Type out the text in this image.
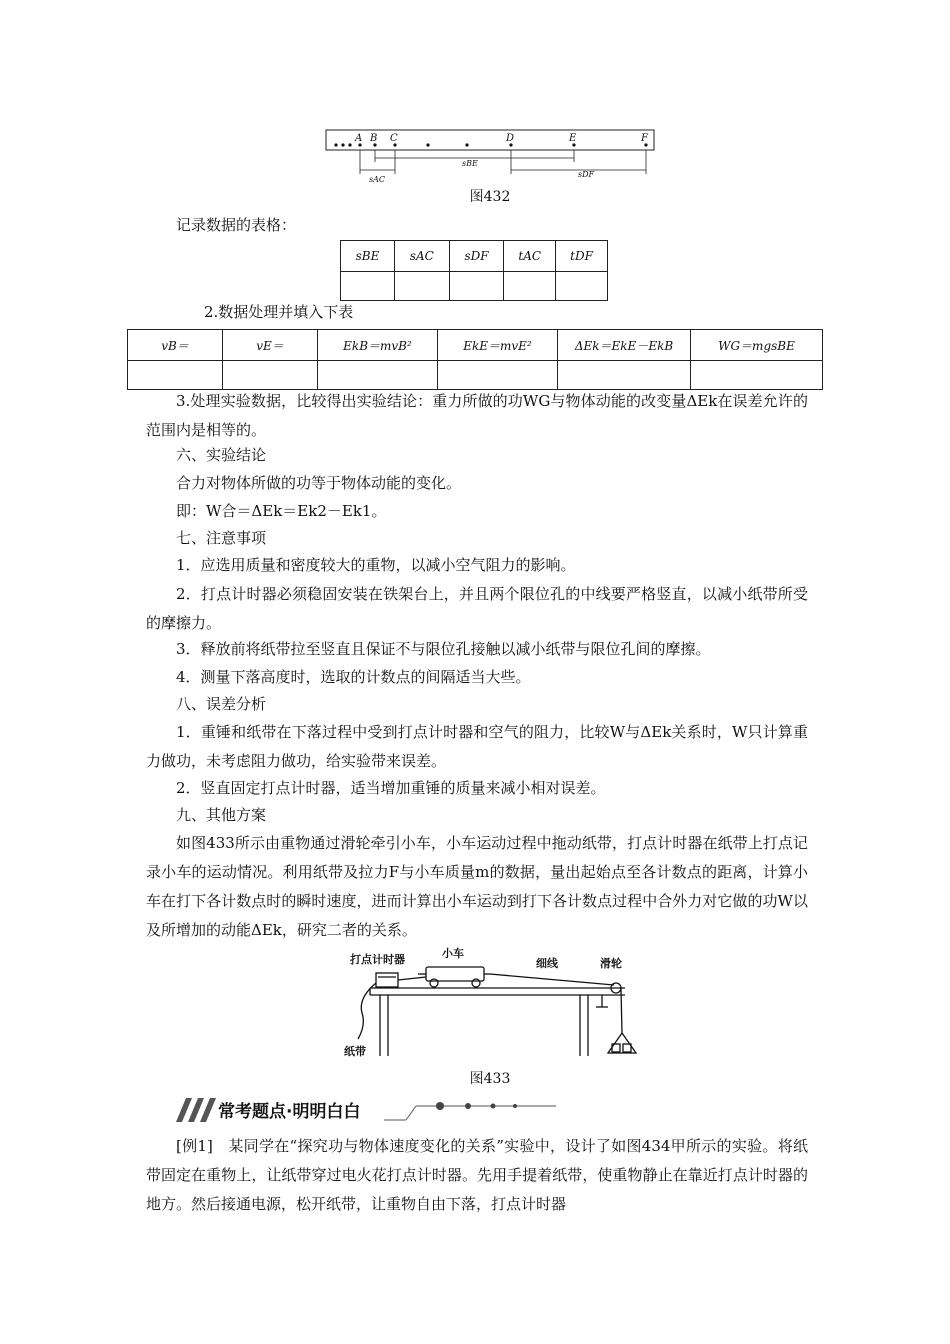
A B C	D	E	F
sAC
sBE
sDF
图432
记录数据的表格：
sBE	sAC	sDF	tAC	tDF

2.数据处理并填入下表
vB＝	vE＝	EkB＝mvB²	EkE＝mvE²	ΔEk＝EkE－EkB	WG＝mgsBE

3.处理实验数据，比较得出实验结论：重力所做的功WG与物体动能的改变量ΔEk在误差允许的范围内是相等的。
六、实验结论
合力对物体所做的功等于物体动能的变化。
即：W合＝ΔEk＝Ek2－Ek1。
七、注意事项
1．应选用质量和密度较大的重物，以减小空气阻力的影响。
2．打点计时器必须稳固安装在铁架台上，并且两个限位孔的中线要严格竖直，以减小纸带所受的摩擦力。
3．释放前将纸带拉至竖直且保证不与限位孔接触以减小纸带与限位孔间的摩擦。
4．测量下落高度时，选取的计数点的间隔适当大些。
八、误差分析
1．重锤和纸带在下落过程中受到打点计时器和空气的阻力，比较W与ΔEk关系时，W只计算重力做功，未考虑阻力做功，给实验带来误差。
2．竖直固定打点计时器，适当增加重锤的质量来减小相对误差。
九、其他方案
如图433所示由重物通过滑轮牵引小车，小车运动过程中拖动纸带，打点计时器在纸带上打点记录小车的运动情况。利用纸带及拉力F与小车质量m的数据，量出起始点至各计数点的距离，计算小车在打下各计数点时的瞬时速度，进而计算出小车运动到打下各计数点过程中合外力对它做的功W以及所增加的动能ΔEk，研究二者的关系。
打点计时器	小车
细线	滑轮
纸带
图433
常考题点·明明白白
[例1]　某同学在“探究功与物体速度变化的关系”实验中，设计了如图434甲所示的实验。将纸带固定在重物上，让纸带穿过电火花打点计时器。先用手提着纸带，使重物静止在靠近打点计时器的地方。然后接通电源，松开纸带，让重物自由下落，打点计时器
